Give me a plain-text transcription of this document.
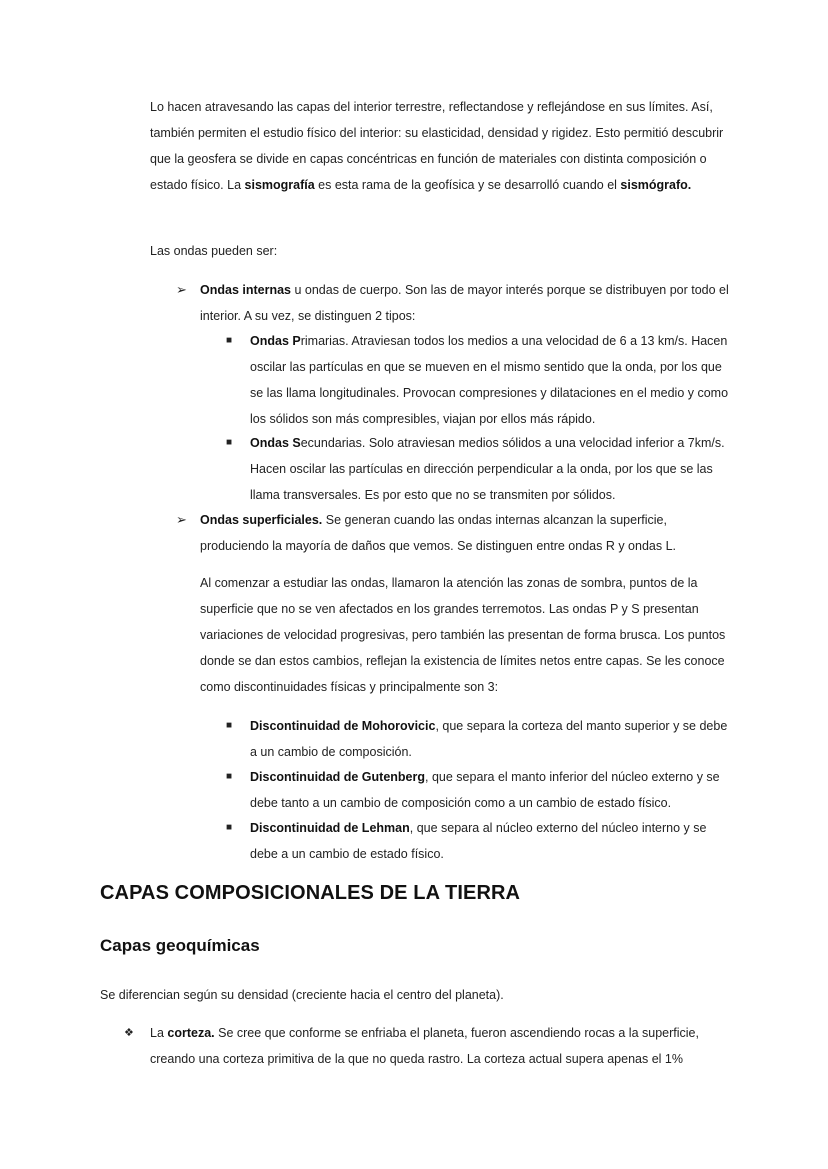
Lo hacen atravesando las capas del interior terrestre, reflectandose y reflejándose en sus límites. Así, también permiten el estudio físico del interior: su elasticidad, densidad y rigidez. Esto permitió descubrir que la geosfera se divide en capas concéntricas en función de materiales con distinta composición o estado físico. La sismografía es esta rama de la geofísica y se desarrolló cuando el sismógrafo.

Las ondas pueden ser:

➢ Ondas internas u ondas de cuerpo. Son las de mayor interés porque se distribuyen por todo el interior. A su vez, se distinguen 2 tipos:
■ Ondas Primarias. Atraviesan todos los medios a una velocidad de 6 a 13 km/s. Hacen oscilar las partículas en que se mueven en el mismo sentido que la onda, por los que se las llama longitudinales. Provocan compresiones y dilataciones en el medio y como los sólidos son más compresibles, viajan por ellos más rápido.
■ Ondas Secundarias. Solo atraviesan medios sólidos a una velocidad inferior a 7km/s. Hacen oscilar las partículas en dirección perpendicular a la onda, por los que se las llama transversales. Es por esto que no se transmiten por sólidos.
➢ Ondas superficiales. Se generan cuando las ondas internas alcanzan la superficie, produciendo la mayoría de daños que vemos. Se distinguen entre ondas R y ondas L.

Al comenzar a estudiar las ondas, llamaron la atención las zonas de sombra, puntos de la superficie que no se ven afectados en los grandes terremotos. Las ondas P y S presentan variaciones de velocidad progresivas, pero también las presentan de forma brusca. Los puntos donde se dan estos cambios, reflejan la existencia de límites netos entre capas. Se les conoce como discontinuidades físicas y principalmente son 3:

■ Discontinuidad de Mohorovicic, que separa la corteza del manto superior y se debe a un cambio de composición.
■ Discontinuidad de Gutenberg, que separa el manto inferior del núcleo externo y se debe tanto a un cambio de composición como a un cambio de estado físico.
■ Discontinuidad de Lehman, que separa al núcleo externo del núcleo interno y se debe a un cambio de estado físico.
CAPAS COMPOSICIONALES DE LA TIERRA
Capas geoquímicas

Se diferencian según su densidad (creciente hacia el centro del planeta).

❖ La corteza. Se cree que conforme se enfriaba el planeta, fueron ascendiendo rocas a la superficie, creando una corteza primitiva de la que no queda rastro. La corteza actual supera apenas el 1%
